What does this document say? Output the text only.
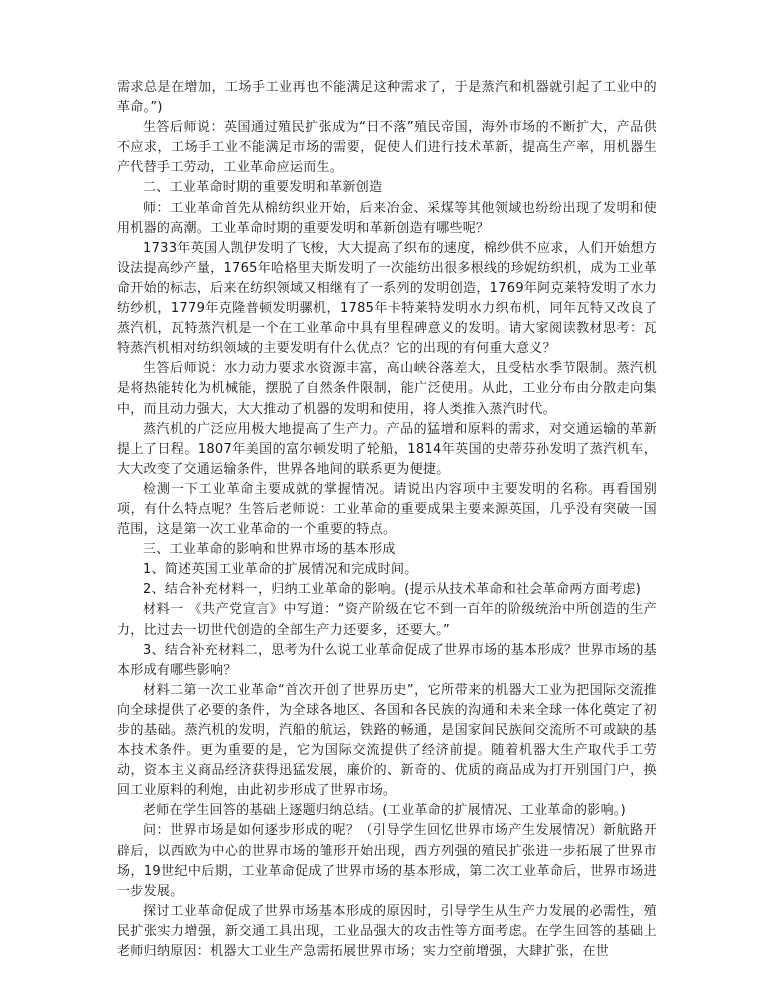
需求总是在增加，工场手工业再也不能满足这种需求了，于是蒸汽和机器就引起了工业中的革命。”)

生答后师说：英国通过殖民扩张成为“日不落”殖民帝国，海外市场的不断扩大，产品供不应求，工场手工业不能满足市场的需要，促使人们进行技术革新，提高生产率，用机器生产代替手工劳动，工业革命应运而生。

二、工业革命时期的重要发明和革新创造

师：工业革命首先从棉纺织业开始，后来冶金、采煤等其他领域也纷纷出现了发明和使用机器的高潮。工业革命时期的重要发明和革新创造有哪些呢？

1733年英国人凯伊发明了飞梭，大大提高了织布的速度，棉纱供不应求，人们开始想方设法提高纱产量，1765年哈格里夫斯发明了一次能纺出很多根线的珍妮纺织机，成为工业革命开始的标志，后来在纺织领域又相继有了一系列的发明创造，1769年阿克莱特发明了水力纺纱机，1779年克隆普顿发明骡机，1785年卡特莱特发明水力织布机，同年瓦特又改良了蒸汽机，瓦特蒸汽机是一个在工业革命中具有里程碑意义的发明。请大家阅读教材思考：瓦特蒸汽机相对纺织领域的主要发明有什么优点？它的出现的有何重大意义？

生答后师说：水力动力要求水资源丰富，高山峡谷落差大，且受枯水季节限制。蒸汽机是将热能转化为机械能，摆脱了自然条件限制，能广泛使用。从此，工业分布由分散走向集中，而且动力强大，大大推动了机器的发明和使用，将人类推入蒸汽时代。

蒸汽机的广泛应用极大地提高了生产力。产品的猛增和原料的需求，对交通运输的革新提上了日程。1807年美国的富尔顿发明了轮船，1814年英国的史蒂芬孙发明了蒸汽机车，大大改变了交通运输条件，世界各地间的联系更为便捷。

检测一下工业革命主要成就的掌握情况。请说出内容项中主要发明的名称。再看国别项，有什么特点呢？生答后老师说：工业革命的重要成果主要来源英国，几乎没有突破一国范围，这是第一次工业革命的一个重要的特点。

三、工业革命的影响和世界市场的基本形成

1、简述英国工业革命的扩展情况和完成时间。

2、结合补充材料一，归纳工业革命的影响。(提示从技术革命和社会革命两方面考虑)

材料一 《共产党宣言》中写道：“资产阶级在它不到一百年的阶级统治中所创造的生产力，比过去一切世代创造的全部生产力还要多，还要大。”

3、结合补充材料二，思考为什么说工业革命促成了世界市场的基本形成？世界市场的基本形成有哪些影响？

材料二第一次工业革命“首次开创了世界历史”，它所带来的机器大工业为把国际交流推向全球提供了必要的条件，为全球各地区、各国和各民族的沟通和未来全球一体化奠定了初步的基础。蒸汽机的发明，汽船的航运，铁路的畅通，是国家间民族间交流所不可或缺的基本技术条件。更为重要的是，它为国际交流提供了经济前提。随着机器大生产取代手工劳动，资本主义商品经济获得迅猛发展，廉价的、新奇的、优质的商品成为打开别国门户，换回工业原料的利炮，由此初步形成了世界市场。

老师在学生回答的基础上逐题归纳总结。(工业革命的扩展情况、工业革命的影响。)

问：世界市场是如何逐步形成的呢？（引导学生回忆世界市场产生发展情况）新航路开辟后，以西欧为中心的世界市场的雏形开始出现，西方列强的殖民扩张进一步拓展了世界市场，19世纪中后期，工业革命促成了世界市场的基本形成，第二次工业革命后，世界市场进一步发展。

探讨工业革命促成了世界市场基本形成的原因时，引导学生从生产力发展的必需性，殖民扩张实力增强，新交通工具出现，工业品强大的攻击性等方面考虑。在学生回答的基础上老师归纳原因：机器大工业生产急需拓展世界市场；实力空前增强，大肆扩张，在世
